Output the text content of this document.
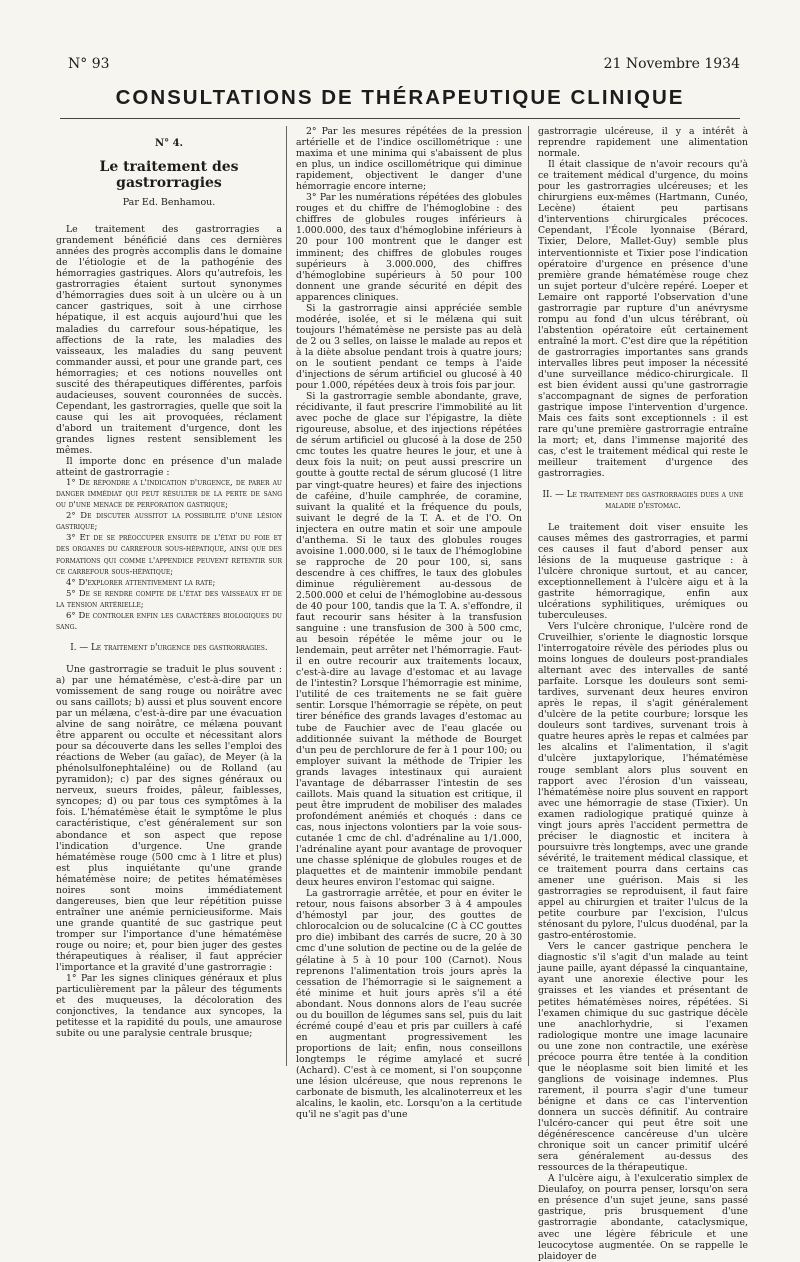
N° 93	21 Novembre 1934
CONSULTATIONS DE THÉRAPEUTIQUE CLINIQUE
N° 4.
Le traitement des gastrorragies
Par Ed. Benhamou.

Le traitement des gastrorragies a grandement bénéficié dans ces dernières années des progrès accomplis dans le domaine de l'étiologie et de la pathogénie des hémorragies gastriques. Alors qu'autrefois, les gastrorragies étaient surtout synonymes d'hémorragies dues soit à un ulcère ou à un cancer gastriques, soit à une cirrhose hépatique, il est acquis aujourd'hui que les maladies du carrefour sous-hépatique, les affections de la rate, les maladies des vaisseaux, les maladies du sang peuvent commander aussi, et pour une grande part, ces hémorragies; et ces notions nouvelles ont suscité des thérapeutiques différentes, parfois audacieuses, souvent couronnées de succès. Cependant, les gastrorragies, quelle que soit la cause qui les ait provoquées, réclament d'abord un traitement d'urgence, dont les grandes lignes restent sensiblement les mêmes.

Il importe donc en présence d'un malade atteint de gastrorragie :

1° De répondre a l'indication d'urgence, de parer au danger immédiat qui peut résulter de la perte de sang ou d'une menace de perforation gastrique;

2° De discuter aussitot la possibilité d'une lésion gastrique;

3° Et de se préoccuper ensuite de l'état du foie et des organes du carrefour sous-hépatique, ainsi que des formations qui comme l'appendice peuvent retentir sur ce carrefour sous-hépatique;

4° D'explorer attentivement la rate;

5° De se rendre compte de l'état des vaisseaux et de la tension artérielle;

6° De controler enfin les caractères biologiques du sang.

I. — Le traitement d'urgence des gastrorragies.

Une gastrorragie se traduit le plus souvent : a) par une hématémèse, c'est-à-dire par un vomissement de sang rouge ou noirâtre avec ou sans caillots; b) aussi et plus souvent encore par un mélæna, c'est-à-dire par une évacuation alvine de sang noirâtre, ce mélæna pouvant être apparent ou occulte et nécessitant alors pour sa découverte dans les selles l'emploi des réactions de Weber (au gaïac), de Meyer (à la phénolsulfonephtaléine) ou de Rolland (au pyramidon); c) par des signes généraux ou nerveux, sueurs froides, pâleur, faiblesses, syncopes; d) ou par tous ces symptômes à la fois. L'hématémèse était le symptôme le plus caractéristique, c'est généralement sur son abondance et son aspect que repose l'indication d'urgence. Une grande hématémèse rouge (500 cmc à 1 litre et plus) est plus inquiétante qu'une grande hématémèse noire; de petites hématémèses noires sont moins immédiatement dangereuses, bien que leur répétition puisse entraîner une anémie pernicieusiforme. Mais une grande quantité de suc gastrique peut tromper sur l'importance d'une hématémèse rouge ou noire; et, pour bien juger des gestes thérapeutiques à réaliser, il faut apprécier l'importance et la gravité d'une gastrorragie :

1° Par les signes cliniques généraux et plus particulièrement par la pâleur des téguments et des muqueuses, la décoloration des conjonctives, la tendance aux syncopes, la petitesse et la rapidité du pouls, une amaurose subite ou une paralysie centrale brusque;

2° Par les mesures répétées de la pression artérielle et de l'indice oscillométrique : une maxima et une minima qui s'abaissent de plus en plus, un indice oscillométrique qui diminue rapidement, objectivent le danger d'une hémorragie encore interne;

3° Par les numérations répétées des globules rouges et du chiffre de l'hémoglobine : des chiffres de globules rouges inférieurs à 1.000.000, des taux d'hémoglobine inférieurs à 20 pour 100 montrent que le danger est imminent; des chiffres de globules rouges supérieurs à 3.000.000, des chiffres d'hémoglobine supérieurs à 50 pour 100 donnent une grande sécurité en dépit des apparences cliniques.

Si la gastrorragie ainsi appréciée semble modérée, isolée, et si le mélæna qui suit toujours l'hématémèse ne persiste pas au delà de 2 ou 3 selles, on laisse le malade au repos et à la diète absolue pendant trois à quatre jours; on le soutient pendant ce temps à l'aide d'injections de sérum artificiel ou glucosé à 40 pour 1.000, répétées deux à trois fois par jour.

Si la gastrorragie semble abondante, grave, récidivante, il faut prescrire l'immobilité au lit avec poche de glace sur l'épigastre, la diète rigoureuse, absolue, et des injections répétées de sérum artificiel ou glucosé à la dose de 250 cmc toutes les quatre heures le jour, et une à deux fois la nuit; on peut aussi prescrire un goutte à goutte rectal de sérum glucosé (1 litre par vingt-quatre heures) et faire des injections de caféine, d'huile camphrée, de coramine, suivant la qualité et la fréquence du pouls, suivant le degré de la T. A. et de l'O. On injectera en outre matin et soir une ampoule d'anthema. Si le taux des globules rouges avoisine 1.000.000, si le taux de l'hémoglobine se rapproche de 20 pour 100, si, sans descendre à ces chiffres, le taux des globules diminue régulièrement au-dessous de 2.500.000 et celui de l'hémoglobine au-dessous de 40 pour 100, tandis que la T. A. s'effondre, il faut recourir sans hésiter à la transfusion sanguine : une transfusion de 300 à 500 cmc, au besoin répétée le même jour ou le lendemain, peut arrêter net l'hémorragie. Faut-il en outre recourir aux traitements locaux, c'est-à-dire au lavage d'estomac et au lavage de l'intestin? Lorsque l'hémorragie est minime, l'utilité de ces traitements ne se fait guère sentir. Lorsque l'hémorragie se répète, on peut tirer bénéfice des grands lavages d'estomac au tube de Fauchier avec de l'eau glacée ou additionnée suivant la méthode de Bourget d'un peu de perchlorure de fer à 1 pour 100; ou employer suivant la méthode de Tripier les grands lavages intestinaux qui auraient l'avantage de débarrasser l'intestin de ses caillots. Mais quand la situation est critique, il peut être imprudent de mobiliser des malades profondément anémiés et choqués : dans ce cas, nous injectons volontiers par la voie sous-cutanée 1 cmc de chl. d'adrénaline au 1/1.000, l'adrénaline ayant pour avantage de provoquer une chasse splénique de globules rouges et de plaquettes et de maintenir immobile pendant deux heures environ l'estomac qui saigne.

La gastrorragie arrêtée, et pour en éviter le retour, nous faisons absorber 3 à 4 ampoules d'hémostyl par jour, des gouttes de chlorocalcion ou de solucalcine (C à CC gouttes pro die) imbibant des carrés de sucre, 20 à 30 cmc d'une solution de pectine ou de la gelée de gélatine à 5 à 10 pour 100 (Carnot). Nous reprenons l'alimentation trois jours après la cessation de l'hémorragie si le saignement a été minime et huit jours après s'il a été abondant. Nous donnons alors de l'eau sucrée ou du bouillon de légumes sans sel, puis du lait écrémé coupé d'eau et pris par cuillers à café en augmentant progressivement les proportions de lait; enfin, nous conseillons longtemps le régime amylacé et sucré (Achard). C'est à ce moment, si l'on soupçonne une lésion ulcéreuse, que nous reprenons le carbonate de bismuth, les alcalinoterreux et les alcalins, le kaolin, etc. Lorsqu'on a la certitude qu'il ne s'agit pas d'une

gastrorragie ulcéreuse, il y a intérêt à reprendre rapidement une alimentation normale.

Il était classique de n'avoir recours qu'à ce traitement médical d'urgence, du moins pour les gastrorragies ulcéreuses; et les chirurgiens eux-mêmes (Hartmann, Cunéo, Lecène) étaient peu partisans d'interventions chirurgicales précoces. Cependant, l'École lyonnaise (Bérard, Tixier, Delore, Mallet-Guy) semble plus interventionniste et Tixier pose l'indication opératoire d'urgence en présence d'une première grande hématémèse rouge chez un sujet porteur d'ulcère repéré. Loeper et Lemaire ont rapporté l'observation d'une gastrorragie par rupture d'un anévrysme rompu au fond d'un ulcus térébrant, où l'abstention opératoire eût certainement entraîné la mort. C'est dire que la répétition de gastrorragies importantes sans grands intervalles libres peut imposer la nécessité d'une surveillance médico-chirurgicale. Il est bien évident aussi qu'une gastrorragie s'accompagnant de signes de perforation gastrique impose l'intervention d'urgence. Mais ces faits sont exceptionnels : il est rare qu'une première gastrorragie entraîne la mort; et, dans l'immense majorité des cas, c'est le traitement médical qui reste le meilleur traitement d'urgence des gastrorragies.

II. — Le traitement des gastrorragies dues a une maladie d'estomac.

Le traitement doit viser ensuite les causes mêmes des gastrorragies, et parmi ces causes il faut d'abord penser aux lésions de la muqueuse gastrique : à l'ulcère chronique surtout, et au cancer, exceptionnellement à l'ulcère aigu et à la gastrite hémorragique, enfin aux ulcérations syphilitiques, urémiques ou tuberculeuses.

Vers l'ulcère chronique, l'ulcère rond de Cruveilhier, s'oriente le diagnostic lorsque l'interrogatoire révèle des périodes plus ou moins longues de douleurs post-prandiales alternant avec des intervalles de santé parfaite. Lorsque les douleurs sont semi-tardives, survenant deux heures environ après le repas, il s'agit généralement d'ulcère de la petite courbure; lorsque les douleurs sont tardives, survenant trois à quatre heures après le repas et calmées par les alcalins et l'alimentation, il s'agit d'ulcère juxtapylorique, l'hématémèse rouge semblant alors plus souvent en rapport avec l'érosion d'un vaisseau, l'hématémèse noire plus souvent en rapport avec une hémorragie de stase (Tixier). Un examen radiologique pratiqué quinze à vingt jours après l'accident permettra de préciser le diagnostic et incitera à poursuivre très longtemps, avec une grande sévérité, le traitement médical classique, et ce traitement pourra dans certains cas amener une guérison. Mais si les gastrorragies se reproduisent, il faut faire appel au chirurgien et traiter l'ulcus de la petite courbure par l'excision, l'ulcus sténosant du pylore, l'ulcus duodénal, par la gastro-entérostomie.

Vers le cancer gastrique penchera le diagnostic s'il s'agit d'un malade au teint jaune paille, ayant dépassé la cinquantaine, ayant une anorexie élective pour les graisses et les viandes et présentant de petites hématémèses noires, répétées. Si l'examen chimique du suc gastrique décèle une anachlorhydrie, si l'examen radiologique montre une image lacunaire ou une zone non contractile, une exérèse précoce pourra être tentée à la condition que le néoplasme soit bien limité et les ganglions de voisinage indemnes. Plus rarement, il pourra s'agir d'une tumeur bénigne et dans ce cas l'intervention donnera un succès définitif. Au contraire l'ulcéro-cancer qui peut être soit une dégénérescence cancéreuse d'un ulcère chronique soit un cancer primitif ulcéré sera généralement au-dessus des ressources de la thérapeutique.

A l'ulcère aigu, à l'exulceratio simplex de Dieulafoy, on pourra penser, lorsqu'on sera en présence d'un sujet jeune, sans passé gastrique, pris brusquement d'une gastrorragie abondante, cataclysmique, avec une légère fébricule et une leucocytose augmentée. On se rappelle le plaidoyer de
